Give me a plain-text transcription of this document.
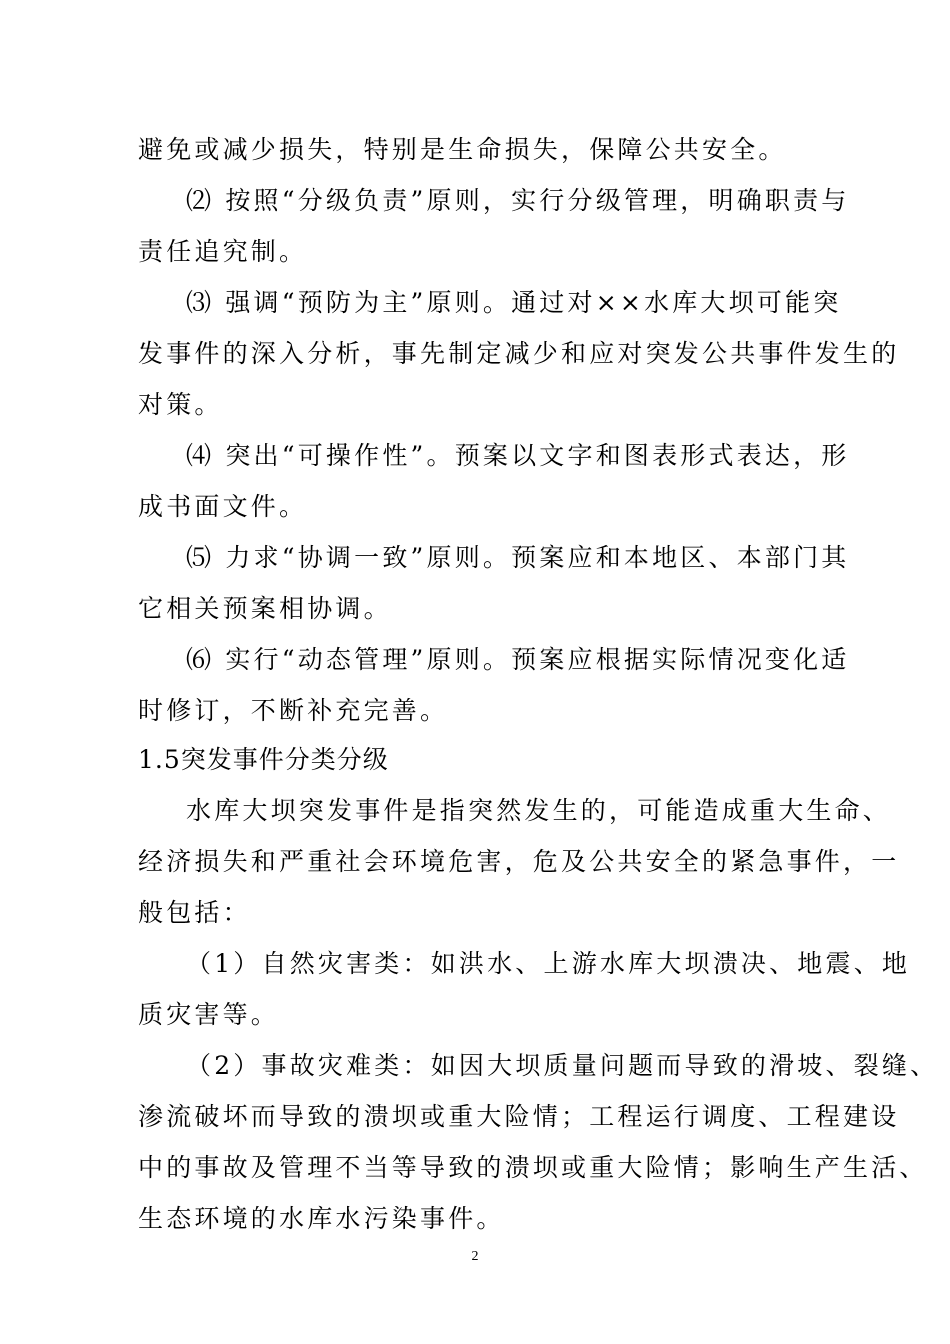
避免或减少损失，特别是生命损失，保障公共安全。
⑵ 按照“分级负责”原则，实行分级管理，明确职责与
责任追究制。
⑶ 强调“预防为主”原则。通过对××水库大坝可能突
发事件的深入分析，事先制定减少和应对突发公共事件发生的
对策。
⑷ 突出“可操作性”。预案以文字和图表形式表达，形
成书面文件。
⑸ 力求“协调一致”原则。预案应和本地区、本部门其
它相关预案相协调。
⑹ 实行“动态管理”原则。预案应根据实际情况变化适
时修订，不断补充完善。
1.5突发事件分类分级
水库大坝突发事件是指突然发生的，可能造成重大生命、
经济损失和严重社会环境危害，危及公共安全的紧急事件，一
般包括：
（1）自然灾害类：如洪水、上游水库大坝溃决、地震、地
质灾害等。
（2）事故灾难类：如因大坝质量问题而导致的滑坡、裂缝、
渗流破坏而导致的溃坝或重大险情；工程运行调度、工程建设
中的事故及管理不当等导致的溃坝或重大险情；影响生产生活、
生态环境的水库水污染事件。
2
